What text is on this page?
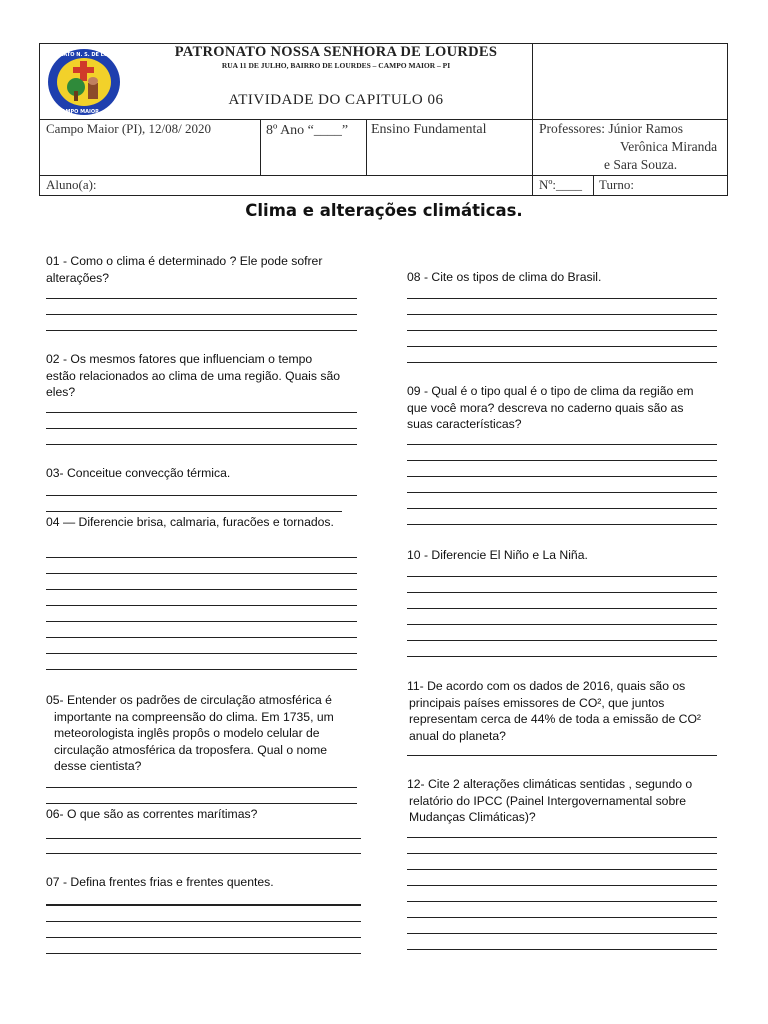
PATRONATO N. S. DE LOURDES
CAMPO MAIOR - PI
PATRONATO NOSSA SENHORA DE LOURDES
RUA 11 DE JULHO, BAIRRO DE LOURDES – CAMPO MAIOR – PI
ATIVIDADE DO CAPITULO 06
Campo Maior (PI), 12/08/ 2020	8º Ano “____” Ensino Fundamental	Professores: Júnior Ramos
Verônica Miranda
e Sara Souza.
Aluno(a):	Nº:____ Turno:
Clima e alterações climáticas.
01 - Como o clima é determinado ? Ele pode sofrer
alterações?
02 - Os mesmos fatores que influenciam o tempo
estão relacionados ao clima de uma região. Quais são
eles?
03- Conceitue convecção térmica.
04 — Diferencie brisa, calmaria, furacões e tornados.
05- Entender os padrões de circulação atmosférica é
importante na compreensão do clima. Em 1735, um
meteorologista inglês propôs o modelo celular de
circulação atmosférica da troposfera. Qual o nome
desse cientista?
06- O que são as correntes marítimas?
07 - Defina frentes frias e frentes quentes.
08 - Cite os tipos de clima do Brasil.
09 - Qual é o tipo qual é o tipo de clima da região em
que você mora? descreva no caderno quais são as
suas características?
10 - Diferencie El Niño e La Niña.
11- De acordo com os dados de 2016, quais são os
principais países emissores de CO², que juntos
representam cerca de 44% de toda a emissão de CO²
anual do planeta?
12- Cite 2 alterações climáticas sentidas , segundo o
relatório do IPCC (Painel Intergovernamental sobre
Mudanças Climáticas)?
